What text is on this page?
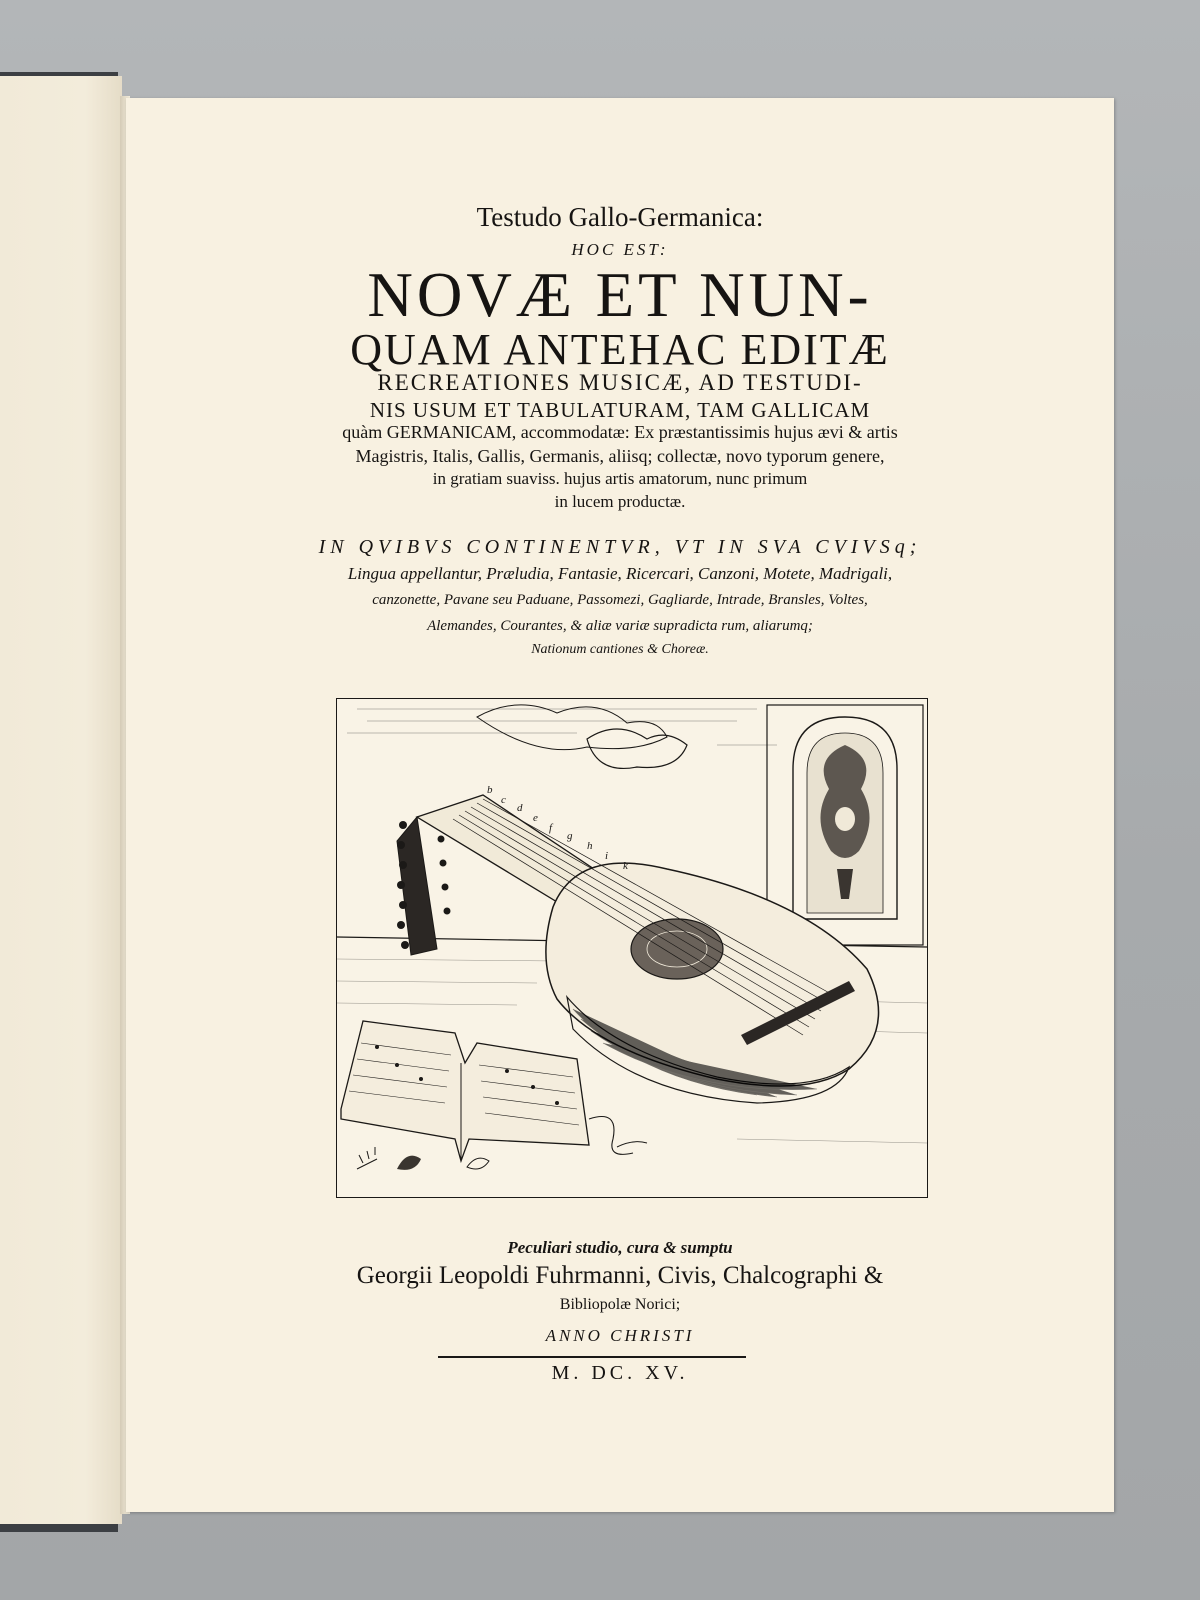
Testudo Gallo-Germanica:
HOC EST:
NOVÆ ET NUN-
QUAM ANTEHAC EDITÆ
RECREATIONES MUSICÆ, AD TESTUDI-
NIS USUM ET TABULATURAM, TAM GALLICAM
quàm GERMANICAM, accommodatæ: Ex præstantissimis hujus ævi & artis
Magistris, Italis, Gallis, Germanis, aliisq; collectæ, novo typorum genere,
in gratiam suaviss. hujus artis amatorum, nunc primum
in lucem productæ.
IN QVIBVS CONTINENTVR, VT IN SVA CVIVSq;
Lingua appellantur, Præludia, Fantasie, Ricercari, Canzoni, Motete, Madrigali,
canzonette, Pavane seu Paduane, Passomezi, Gagliarde, Intrade, Bransles, Voltes,
Alemandes, Courantes, & aliæ variæ supradicta rum, aliarumq;
Nationum cantiones & Choreæ.
b
c
d
e
f
g
h
i
k
Peculiari studio, cura & sumptu
Georgii Leopoldi Fuhrmanni, Civis, Chalcographi &
Bibliopolæ Norici;
ANNO CHRISTI
M. DC. XV.
